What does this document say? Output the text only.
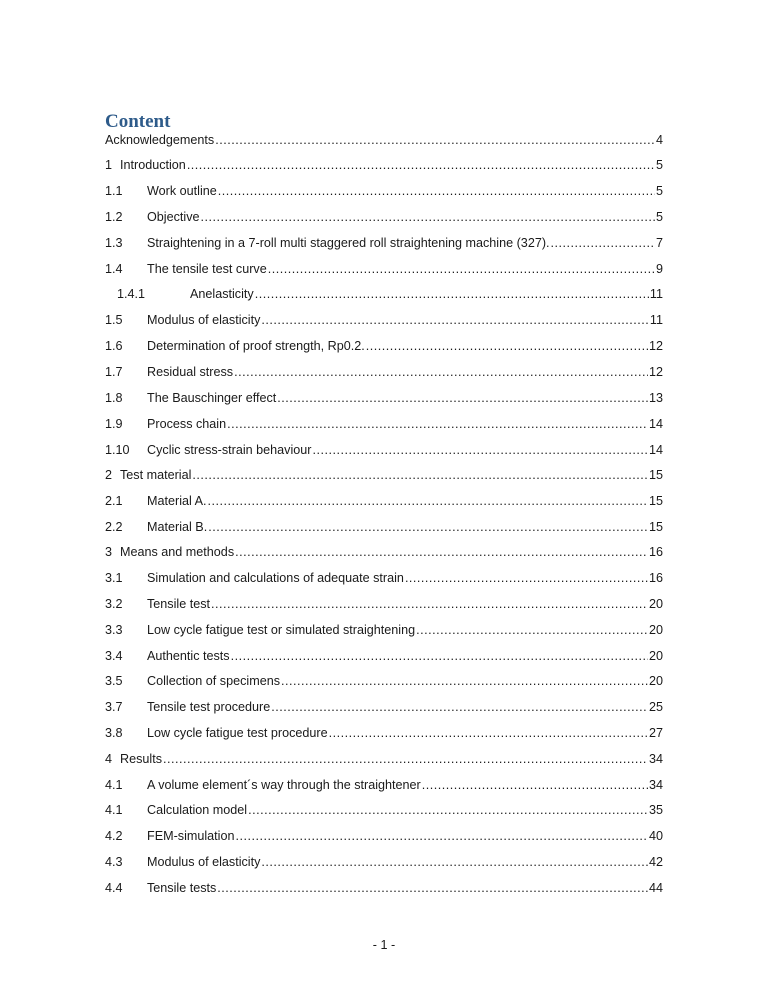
Content
Acknowledgements	4
.....
1 Introduction	5
.....
1.1 Work outline	5
.....
1.2 Objective	5
.....
1.3 Straightening in a 7-roll multi staggered roll straightening machine (327).	7
.....
1.4 The tensile test curve	9
.....
1.4.1	Anelasticity	11
.....
1.5 Modulus of elasticity	11
.....
1.6 Determination of proof strength, Rp0.2.	12
.....
1.7 Residual stress	12
.....
1.8 The Bauschinger effect	13
.....
1.9 Process chain	14
.....
1.10 Cyclic stress-strain behaviour	14
.....
2 Test material	15
.....
2.1 Material A.	15
.....
2.2 Material B.	15
.....
3 Means and methods	16
.....
3.1 Simulation and calculations of adequate strain	16
.....
3.2 Tensile test	20
.....
3.3 Low cycle fatigue test or simulated straightening	20
.....
3.4 Authentic tests	20
.....
3.5 Collection of specimens	20
.....
3.7 Tensile test procedure	25
.....
3.8 Low cycle fatigue test procedure	27
.....
4 Results	34
.....
4.1 A volume element´s way through the straightener	34
.....
4.1 Calculation model	35
.....
4.2 FEM-simulation	40
.....
4.3 Modulus of elasticity	42
.....
4.4 Tensile tests	44
.....
- 1 -
